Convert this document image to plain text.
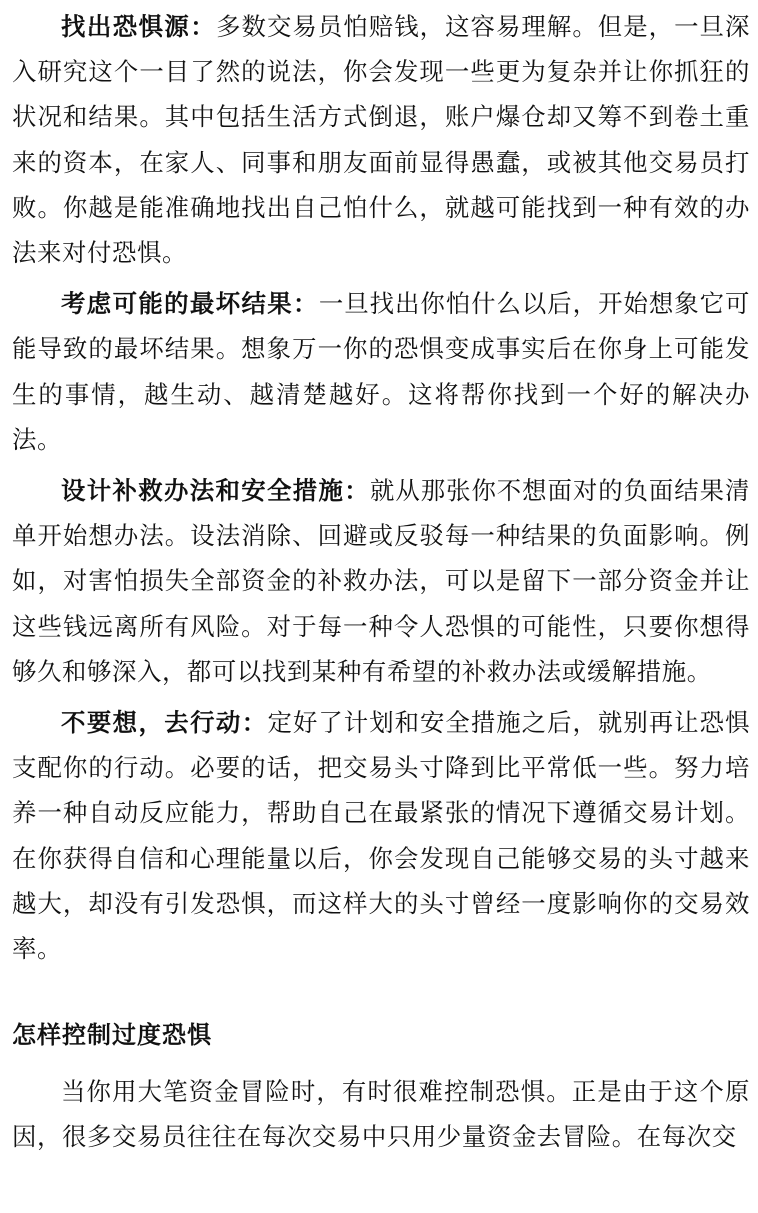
找出恐惧源：多数交易员怕赔钱，这容易理解。但是，一旦深入研究这个一目了然的说法，你会发现一些更为复杂并让你抓狂的状况和结果。其中包括生活方式倒退，账户爆仓却又筹不到卷土重来的资本，在家人、同事和朋友面前显得愚蠢，或被其他交易员打败。你越是能准确地找出自己怕什么，就越可能找到一种有效的办法来对付恐惧。

考虑可能的最坏结果：一旦找出你怕什么以后，开始想象它可能导致的最坏结果。想象万一你的恐惧变成事实后在你身上可能发生的事情，越生动、越清楚越好。这将帮你找到一个好的解决办法。

设计补救办法和安全措施：就从那张你不想面对的负面结果清单开始想办法。设法消除、回避或反驳每一种结果的负面影响。例如，对害怕损失全部资金的补救办法，可以是留下一部分资金并让这些钱远离所有风险。对于每一种令人恐惧的可能性，只要你想得够久和够深入，都可以找到某种有希望的补救办法或缓解措施。

不要想，去行动：定好了计划和安全措施之后，就别再让恐惧支配你的行动。必要的话，把交易头寸降到比平常低一些。努力培养一种自动反应能力，帮助自己在最紧张的情况下遵循交易计划。在你获得自信和心理能量以后，你会发现自己能够交易的头寸越来越大，却没有引发恐惧，而这样大的头寸曾经一度影响你的交易效率。

怎样控制过度恐惧

当你用大笔资金冒险时，有时很难控制恐惧。正是由于这个原因，很多交易员往往在每次交易中只用少量资金去冒险。在每次交
